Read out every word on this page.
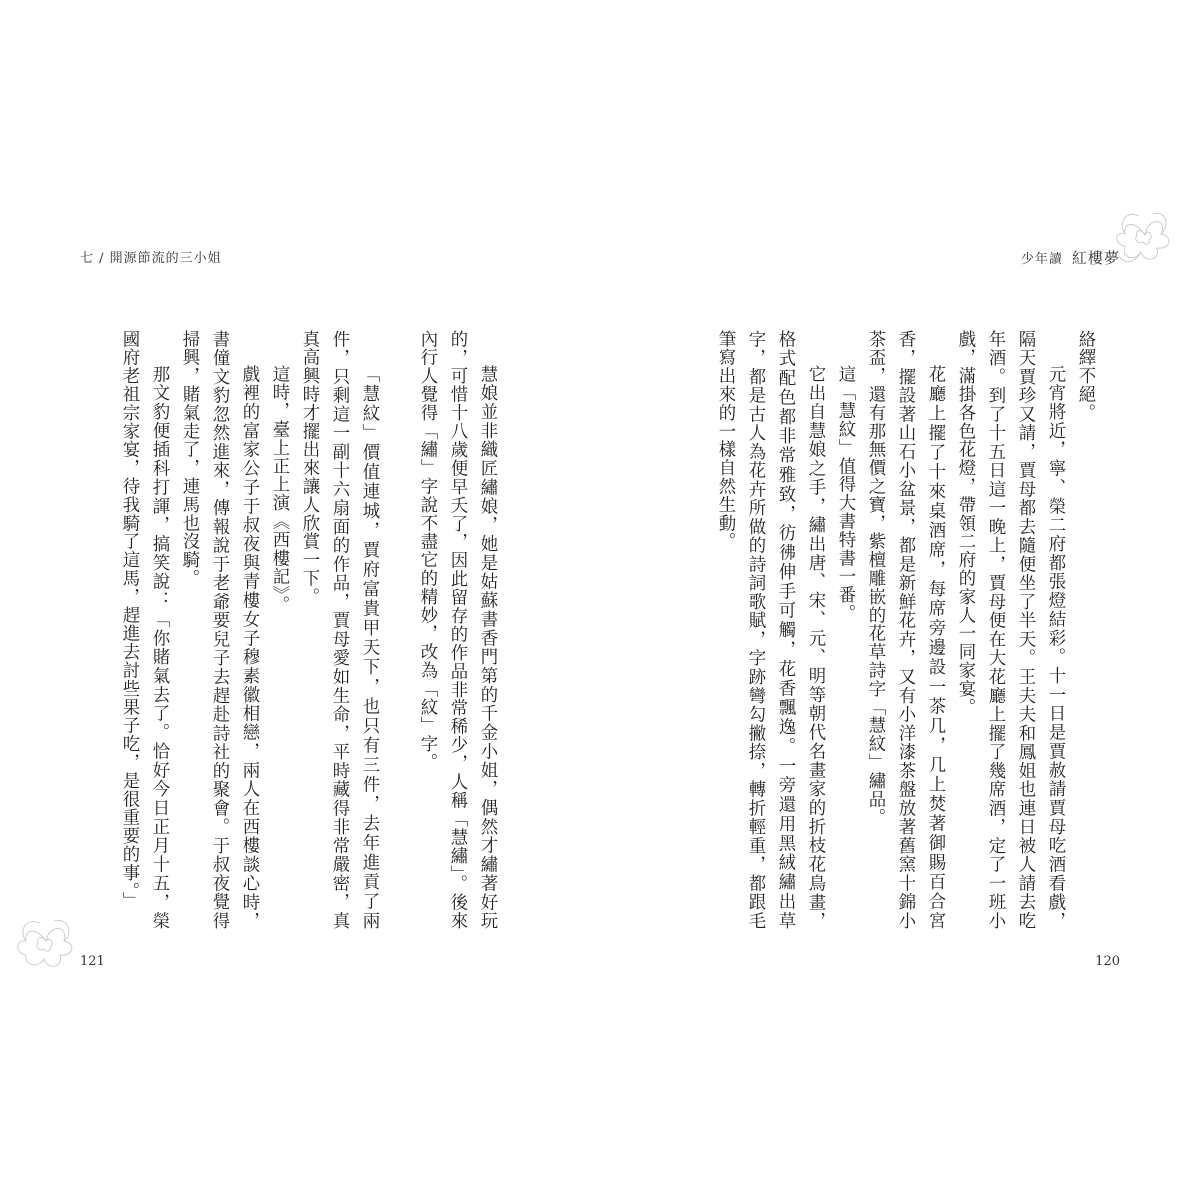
少年讀 紅樓夢

絡繹不絕。

元宵將近，寧、榮二府都張燈結彩。十一日是賈赦請賈母吃酒看戲，隔天賈珍又請，賈母都去隨便坐了半天。王夫夫和鳳姐也連日被人請去吃年酒。到了十五日這一晚上，賈母便在大花廳上擺了幾席酒，定了一班小戲，滿掛各色花燈，帶領二府的家人一同家宴。

花廳上擺了十來桌酒席，每席旁邊設一茶几，几上焚著御賜百合宮香，擺設著山石小盆景，都是新鮮花卉，又有小洋漆茶盤放著舊窯十錦小茶盃，還有那無價之寶，紫檀雕嵌的花草詩字「慧紋」繡品。

這「慧紋」值得大書特書一番。

它出自慧娘之手，繡出唐、宋、元、明等朝代名畫家的折枝花鳥畫，格式配色都非常雅致，彷彿伸手可觸，花香飄逸。一旁還用黑絨繡出草字，都是古人為花卉所做的詩詞歌賦，字跡彎勾撇捺，轉折輕重，都跟毛筆寫出來的一樣自然生動。

120
七 / 開源節流的三小姐

慧娘並非織匠繡娘，她是姑蘇書香門第的千金小姐，偶然才繡著好玩的，可惜十八歲便早夭了，因此留存的作品非常稀少，人稱「慧繡」。後來內行人覺得「繡」字說不盡它的精妙，改為「紋」字。

「慧紋」價值連城，賈府富貴甲天下，也只有三件，去年進貢了兩件，只剩這一副十六扇面的作品，賈母愛如生命，平時藏得非常嚴密，真真高興時才擺出來讓人欣賞一下。

這時，臺上正上演《西樓記》。

戲裡的富家公子于叔夜與青樓女子穆素徽相戀，兩人在西樓談心時，書僮文豹忽然進來，傳報說于老爺要兒子去趕赴詩社的聚會。于叔夜覺得掃興，賭氣走了，連馬也沒騎。

那文豹便插科打諢，搞笑說：「你賭氣去了。恰好今日正月十五，榮國府老祖宗家宴，待我騎了這馬，趕進去討些果子吃，是很重要的事。」

121
